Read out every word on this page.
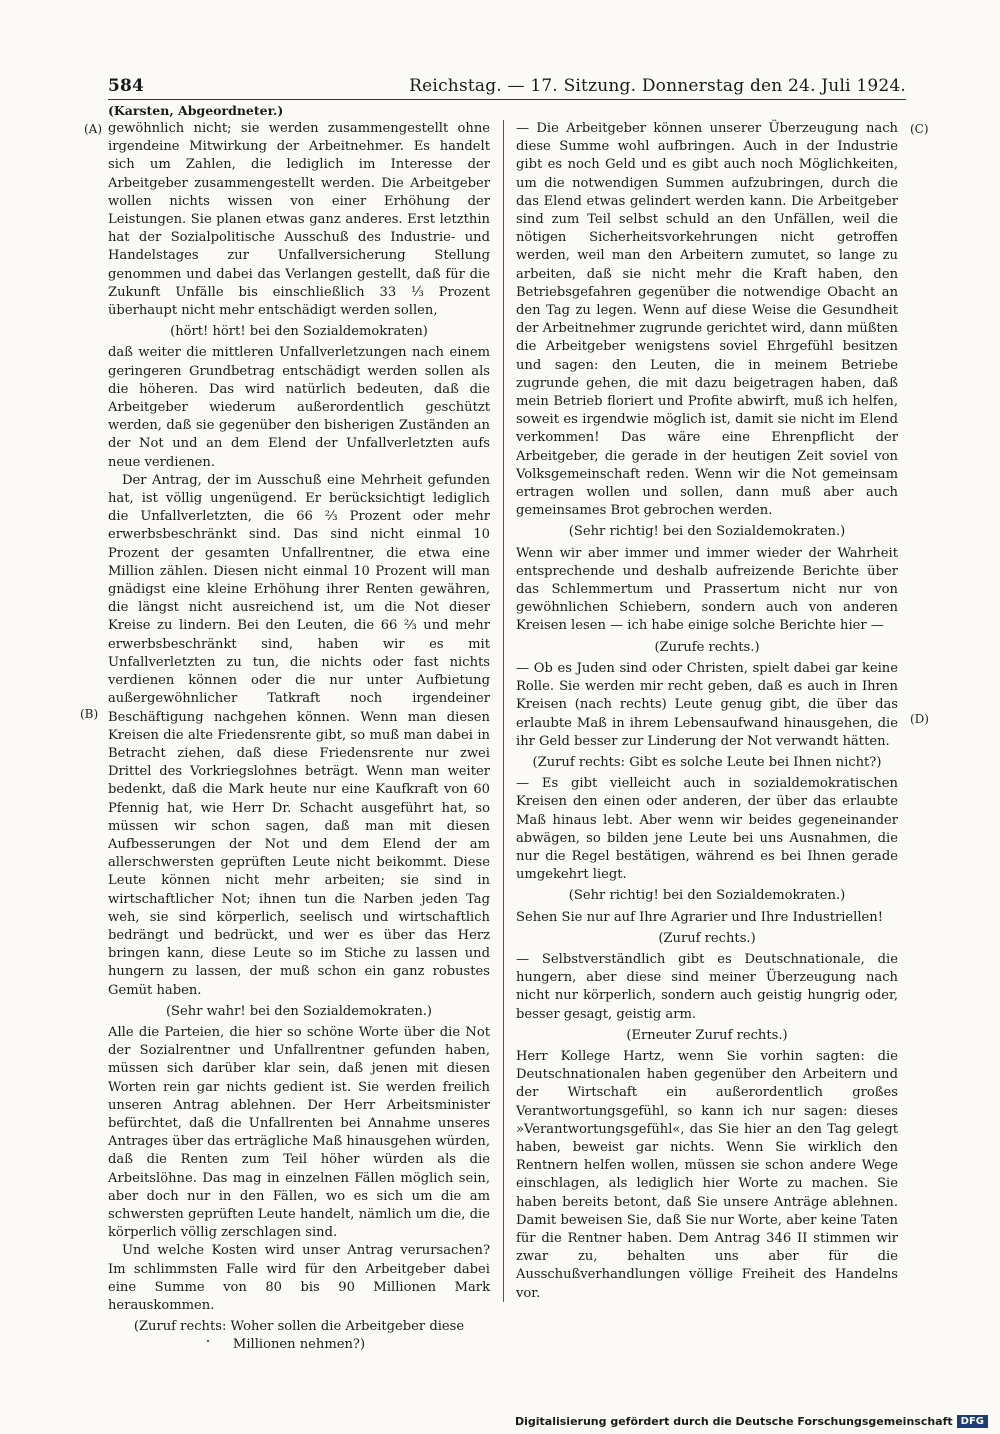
584	Reichstag. — 17. Sitzung. Donnerstag den 24. Juli 1924.
(Karsten, Abgeordneter.)
(A)
(B)
(C)
(D)

gewöhnlich nicht; sie werden zusammengestellt ohne irgendeine Mitwirkung der Arbeitnehmer. Es handelt sich um Zahlen, die lediglich im Interesse der Arbeitgeber zusammengestellt werden. Die Arbeitgeber wollen nichts wissen von einer Erhöhung der Leistungen. Sie planen etwas ganz anderes. Erst letzthin hat der Sozialpolitische Ausschuß des Industrie- und Handelstages zur Unfallversicherung Stellung genommen und dabei das Verlangen gestellt, daß für die Zukunft Unfälle bis einschließlich 33 ⅓ Prozent überhaupt nicht mehr entschädigt werden sollen,

(hört! hört! bei den Sozialdemokraten)

daß weiter die mittleren Unfallverletzungen nach einem geringeren Grundbetrag entschädigt werden sollen als die höheren. Das wird natürlich bedeuten, daß die Arbeitgeber wiederum außerordentlich geschützt werden, daß sie gegenüber den bisherigen Zuständen an der Not und an dem Elend der Unfallverletzten aufs neue verdienen.

Der Antrag, der im Ausschuß eine Mehrheit gefunden hat, ist völlig ungenügend. Er berücksichtigt lediglich die Unfallverletzten, die 66 ⅔ Prozent oder mehr erwerbsbeschränkt sind. Das sind nicht einmal 10 Prozent der gesamten Unfallrentner, die etwa eine Million zählen. Diesen nicht einmal 10 Prozent will man gnädigst eine kleine Erhöhung ihrer Renten gewähren, die längst nicht ausreichend ist, um die Not dieser Kreise zu lindern. Bei den Leuten, die 66 ⅔ und mehr erwerbsbeschränkt sind, haben wir es mit Unfallverletzten zu tun, die nichts oder fast nichts verdienen können oder die nur unter Aufbietung außergewöhnlicher Tatkraft noch irgendeiner Beschäftigung nachgehen können. Wenn man diesen Kreisen die alte Friedensrente gibt, so muß man dabei in Betracht ziehen, daß diese Friedensrente nur zwei Drittel des Vorkriegslohnes beträgt. Wenn man weiter bedenkt, daß die Mark heute nur eine Kaufkraft von 60 Pfennig hat, wie Herr Dr. Schacht ausgeführt hat, so müssen wir schon sagen, daß man mit diesen Aufbesserungen der Not und dem Elend der am allerschwersten geprüften Leute nicht beikommt. Diese Leute können nicht mehr arbeiten; sie sind in wirtschaftlicher Not; ihnen tun die Narben jeden Tag weh, sie sind körperlich, seelisch und wirtschaftlich bedrängt und bedrückt, und wer es über das Herz bringen kann, diese Leute so im Stiche zu lassen und hungern zu lassen, der muß schon ein ganz robustes Gemüt haben.

(Sehr wahr! bei den Sozialdemokraten.)

Alle die Parteien, die hier so schöne Worte über die Not der Sozialrentner und Unfallrentner gefunden haben, müssen sich darüber klar sein, daß jenen mit diesen Worten rein gar nichts gedient ist. Sie werden freilich unseren Antrag ablehnen. Der Herr Arbeitsminister befürchtet, daß die Unfallrenten bei Annahme unseres Antrages über das erträgliche Maß hinausgehen würden, daß die Renten zum Teil höher würden als die Arbeitslöhne. Das mag in einzelnen Fällen möglich sein, aber doch nur in den Fällen, wo es sich um die am schwersten geprüften Leute handelt, nämlich um die, die körperlich völlig zerschlagen sind.

Und welche Kosten wird unser Antrag verursachen? Im schlimmsten Falle wird für den Arbeitgeber dabei eine Summe von 80 bis 90 Millionen Mark herauskommen.

(Zuruf rechts: Woher sollen die Arbeitgeber diese Millionen nehmen?)

— Die Arbeitgeber können unserer Überzeugung nach diese Summe wohl aufbringen. Auch in der Industrie gibt es noch Geld und es gibt auch noch Möglichkeiten, um die notwendigen Summen aufzubringen, durch die das Elend etwas gelindert werden kann. Die Arbeitgeber sind zum Teil selbst schuld an den Unfällen, weil die nötigen Sicherheitsvorkehrungen nicht getroffen werden, weil man den Arbeitern zumutet, so lange zu arbeiten, daß sie nicht mehr die Kraft haben, den Betriebsgefahren gegenüber die notwendige Obacht an den Tag zu legen. Wenn auf diese Weise die Gesundheit der Arbeitnehmer zugrunde gerichtet wird, dann müßten die Arbeitgeber wenigstens soviel Ehrgefühl besitzen und sagen: den Leuten, die in meinem Betriebe zugrunde gehen, die mit dazu beigetragen haben, daß mein Betrieb floriert und Profite abwirft, muß ich helfen, soweit es irgendwie möglich ist, damit sie nicht im Elend verkommen! Das wäre eine Ehrenpflicht der Arbeitgeber, die gerade in der heutigen Zeit soviel von Volksgemeinschaft reden. Wenn wir die Not gemeinsam ertragen wollen und sollen, dann muß aber auch gemeinsames Brot gebrochen werden.

(Sehr richtig! bei den Sozialdemokraten.)

Wenn wir aber immer und immer wieder der Wahrheit entsprechende und deshalb aufreizende Berichte über das Schlemmertum und Prassertum nicht nur von gewöhnlichen Schiebern, sondern auch von anderen Kreisen lesen — ich habe einige solche Berichte hier —

(Zurufe rechts.)

— Ob es Juden sind oder Christen, spielt dabei gar keine Rolle. Sie werden mir recht geben, daß es auch in Ihren Kreisen (nach rechts) Leute genug gibt, die über das erlaubte Maß in ihrem Lebensaufwand hinausgehen, die ihr Geld besser zur Linderung der Not verwandt hätten.

(Zuruf rechts: Gibt es solche Leute bei Ihnen nicht?)

— Es gibt vielleicht auch in sozialdemokratischen Kreisen den einen oder anderen, der über das erlaubte Maß hinaus lebt. Aber wenn wir beides gegeneinander abwägen, so bilden jene Leute bei uns Ausnahmen, die nur die Regel bestätigen, während es bei Ihnen gerade umgekehrt liegt.

(Sehr richtig! bei den Sozialdemokraten.)

Sehen Sie nur auf Ihre Agrarier und Ihre Industriellen!

(Zuruf rechts.)

— Selbstverständlich gibt es Deutschnationale, die hungern, aber diese sind meiner Überzeugung nach nicht nur körperlich, sondern auch geistig hungrig oder, besser gesagt, geistig arm.

(Erneuter Zuruf rechts.)

Herr Kollege Hartz, wenn Sie vorhin sagten: die Deutschnationalen haben gegenüber den Arbeitern und der Wirtschaft ein außerordentlich großes Verantwortungsgefühl, so kann ich nur sagen: dieses »Verantwortungsgefühl«, das Sie hier an den Tag gelegt haben, beweist gar nichts. Wenn Sie wirklich den Rentnern helfen wollen, müssen sie schon andere Wege einschlagen, als lediglich hier Worte zu machen. Sie haben bereits betont, daß Sie unsere Anträge ablehnen. Damit beweisen Sie, daß Sie nur Worte, aber keine Taten für die Rentner haben. Dem Antrag 346 II stimmen wir zwar zu, behalten uns aber für die Ausschußverhandlungen völlige Freiheit des Handelns vor.

Digitalisierung gefördert durch die Deutsche Forschungsgemeinschaft DFG
